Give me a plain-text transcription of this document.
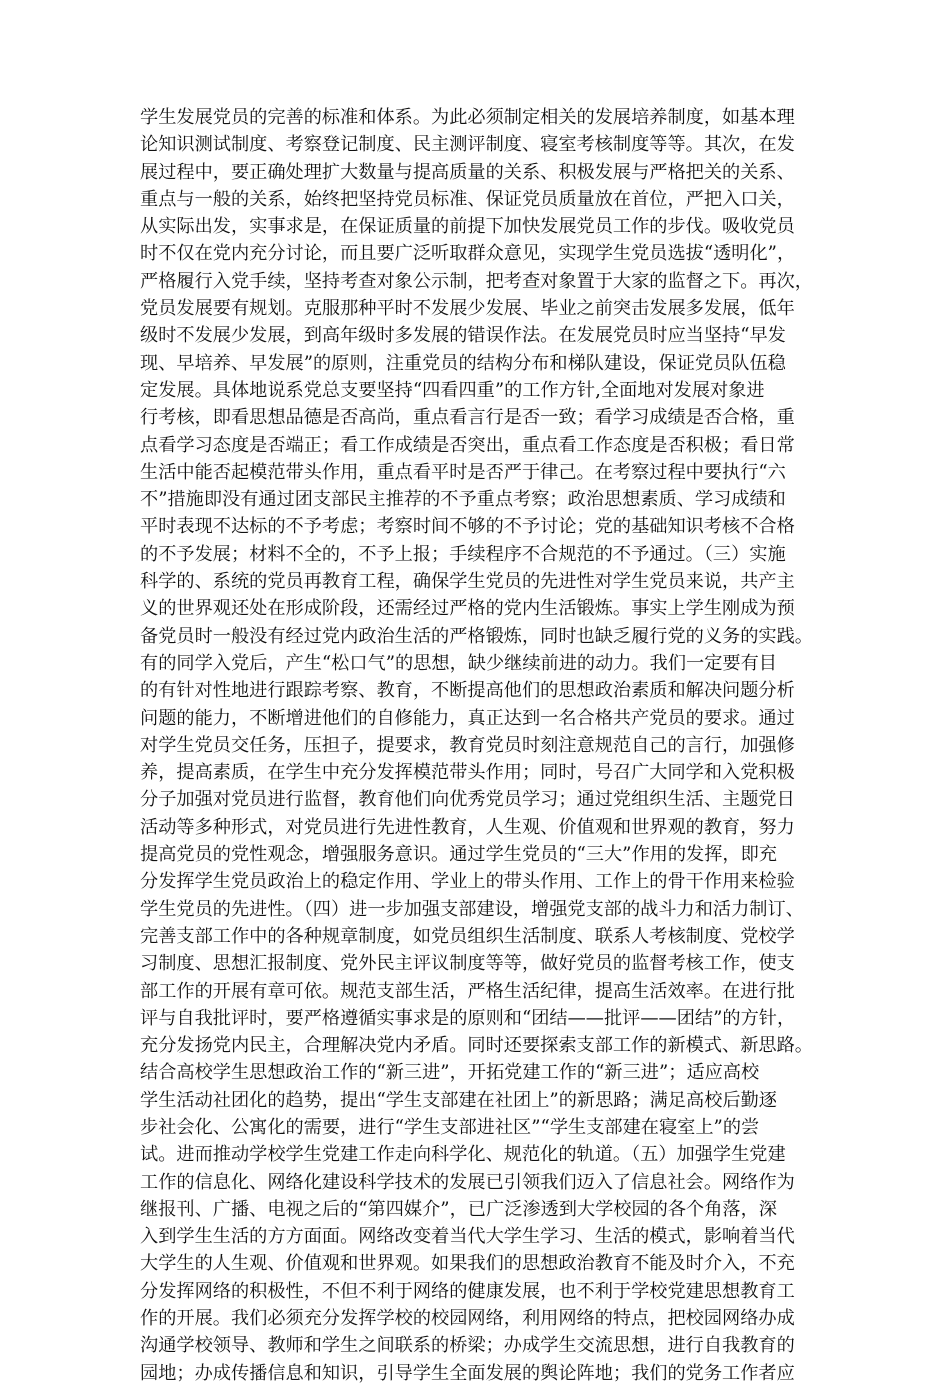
学生发展党员的完善的标准和体系。为此必须制定相关的发展培养制度，如基本理
论知识测试制度、考察登记制度、民主测评制度、寝室考核制度等等。其次，在发
展过程中，要正确处理扩大数量与提高质量的关系、积极发展与严格把关的关系、
重点与一般的关系，始终把坚持党员标准、保证党员质量放在首位，严把入口关，
从实际出发，实事求是，在保证质量的前提下加快发展党员工作的步伐。吸收党员
时不仅在党内充分讨论，而且要广泛听取群众意见，实现学生党员选拔“透明化”，
严格履行入党手续，坚持考查对象公示制，把考查对象置于大家的监督之下。再次，
党员发展要有规划。克服那种平时不发展少发展、毕业之前突击发展多发展，低年
级时不发展少发展，到高年级时多发展的错误作法。在发展党员时应当坚持“早发
现、早培养、早发展”的原则，注重党员的结构分布和梯队建设，保证党员队伍稳
定发展。具体地说系党总支要坚持“四看四重”的工作方针,全面地对发展对象进
行考核，即看思想品德是否高尚，重点看言行是否一致；看学习成绩是否合格，重
点看学习态度是否端正；看工作成绩是否突出，重点看工作态度是否积极；看日常
生活中能否起模范带头作用，重点看平时是否严于律己。在考察过程中要执行“六
不”措施即没有通过团支部民主推荐的不予重点考察；政治思想素质、学习成绩和
平时表现不达标的不予考虑；考察时间不够的不予讨论；党的基础知识考核不合格
的不予发展；材料不全的，不予上报；手续程序不合规范的不予通过。（三）实施
科学的、系统的党员再教育工程，确保学生党员的先进性对学生党员来说，共产主
义的世界观还处在形成阶段，还需经过严格的党内生活锻炼。事实上学生刚成为预
备党员时一般没有经过党内政治生活的严格锻炼，同时也缺乏履行党的义务的实践。
有的同学入党后，产生“松口气”的思想，缺少继续前进的动力。我们一定要有目
的有针对性地进行跟踪考察、教育，不断提高他们的思想政治素质和解决问题分析
问题的能力，不断增进他们的自修能力，真正达到一名合格共产党员的要求。通过
对学生党员交任务，压担子，提要求，教育党员时刻注意规范自己的言行，加强修
养，提高素质，在学生中充分发挥模范带头作用；同时，号召广大同学和入党积极
分子加强对党员进行监督，教育他们向优秀党员学习；通过党组织生活、主题党日
活动等多种形式，对党员进行先进性教育，人生观、价值观和世界观的教育，努力
提高党员的党性观念，增强服务意识。通过学生党员的“三大”作用的发挥，即充
分发挥学生党员政治上的稳定作用、学业上的带头作用、工作上的骨干作用来检验
学生党员的先进性。（四）进一步加强支部建设，增强党支部的战斗力和活力制订、
完善支部工作中的各种规章制度，如党员组织生活制度、联系人考核制度、党校学
习制度、思想汇报制度、党外民主评议制度等等，做好党员的监督考核工作，使支
部工作的开展有章可依。规范支部生活，严格生活纪律，提高生活效率。在进行批
评与自我批评时，要严格遵循实事求是的原则和“团结——批评——团结”的方针，
充分发扬党内民主，合理解决党内矛盾。同时还要探索支部工作的新模式、新思路。
结合高校学生思想政治工作的“新三进”，开拓党建工作的“新三进”；适应高校
学生活动社团化的趋势，提出“学生支部建在社团上”的新思路；满足高校后勤逐
步社会化、公寓化的需要，进行“学生支部进社区”“学生支部建在寝室上”的尝
试。进而推动学校学生党建工作走向科学化、规范化的轨道。（五）加强学生党建
工作的信息化、网络化建设科学技术的发展已引领我们迈入了信息社会。网络作为
继报刊、广播、电视之后的“第四媒介”，已广泛渗透到大学校园的各个角落，深
入到学生生活的方方面面。网络改变着当代大学生学习、生活的模式，影响着当代
大学生的人生观、价值观和世界观。如果我们的思想政治教育不能及时介入，不充
分发挥网络的积极性，不但不利于网络的健康发展，也不利于学校党建思想教育工
作的开展。我们必须充分发挥学校的校园网络，利用网络的特点，把校园网络办成
沟通学校领导、教师和学生之间联系的桥梁；办成学生交流思想，进行自我教育的
园地；办成传播信息和知识，引导学生全面发展的舆论阵地；我们的党务工作者应
